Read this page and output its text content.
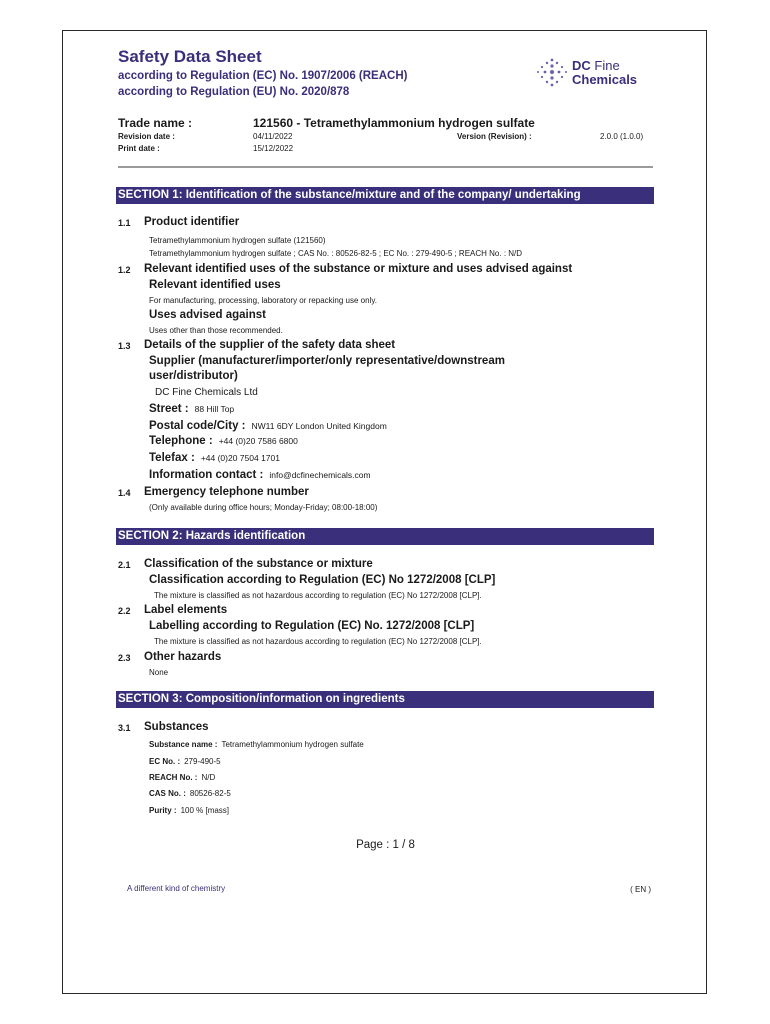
Safety Data Sheet
according to Regulation (EC) No. 1907/2006 (REACH)
according to Regulation (EU) No. 2020/878
DC Fine
Chemicals
Trade name :	121560 - Tetramethylammonium hydrogen sulfate
Revision date :	04/11/2022	Version (Revision) :	2.0.0 (1.0.0)
Print date :	15/12/2022
SECTION 1: Identification of the substance/mixture and of the company/ undertaking
1.1 Product identifier
Tetramethylammonium hydrogen sulfate (121560)
Tetramethylammonium hydrogen sulfate ; CAS No. : 80526-82-5 ; EC No. : 279-490-5 ; REACH No. : N/D
1.2 Relevant identified uses of the substance or mixture and uses advised against
Relevant identified uses
For manufacturing, processing, laboratory or repacking use only.
Uses advised against
Uses other than those recommended.
1.3 Details of the supplier of the safety data sheet
Supplier (manufacturer/importer/only representative/downstream
user/distributor)
DC Fine Chemicals Ltd
Street : 88 Hill Top
Postal code/City : NW11 6DY London United Kingdom
Telephone : +44 (0)20 7586 6800
Telefax : +44 (0)20 7504 1701
Information contact : info@dcfinechemicals.com
1.4 Emergency telephone number
(Only available during office hours; Monday-Friday; 08:00-18:00)
SECTION 2: Hazards identification
2.1 Classification of the substance or mixture
Classification according to Regulation (EC) No 1272/2008 [CLP]
The mixture is classified as not hazardous according to regulation (EC) No 1272/2008 [CLP].
2.2 Label elements
Labelling according to Regulation (EC) No. 1272/2008 [CLP]
The mixture is classified as not hazardous according to regulation (EC) No 1272/2008 [CLP].
2.3 Other hazards
None
SECTION 3: Composition/information on ingredients
3.1 Substances
Substance name : Tetramethylammonium hydrogen sulfate
EC No. : 279-490-5
REACH No. : N/D
CAS No. : 80526-82-5
Purity : 100 % [mass]
Page : 1 / 8
A different kind of chemistry	( EN )
